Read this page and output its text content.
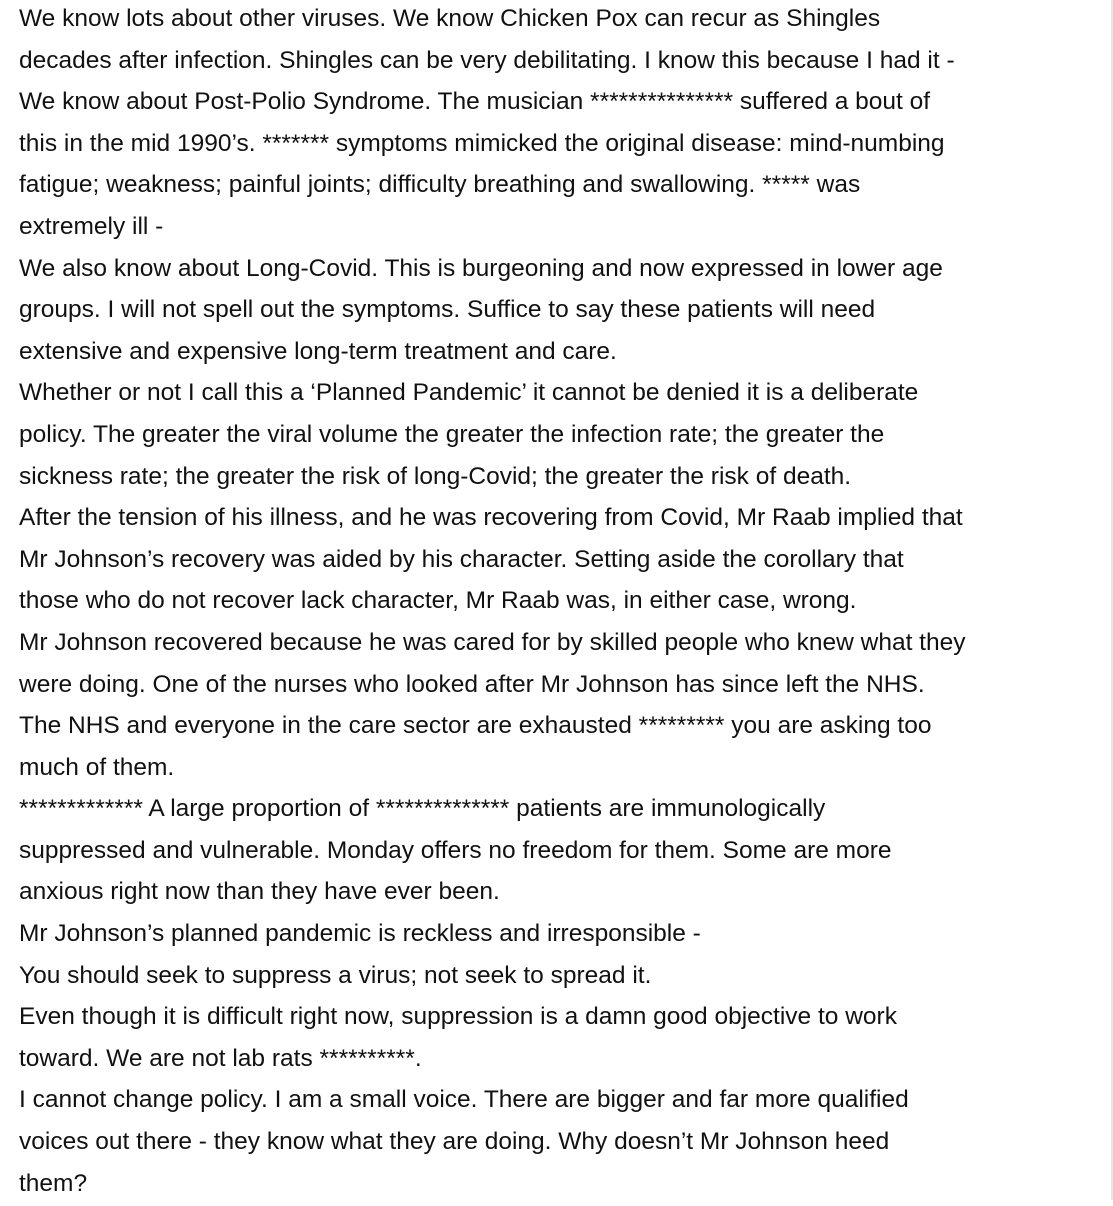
We know lots about other viruses. We know Chicken Pox can recur as Shingles
decades after infection. Shingles can be very debilitating. I know this because I had it -
We know about Post-Polio Syndrome. The musician *************** suffered a bout of
this in the mid 1990’s. ******* symptoms mimicked the original disease: mind-numbing
fatigue; weakness; painful joints; difficulty breathing and swallowing. ***** was
extremely ill -
We also know about Long-Covid. This is burgeoning and now expressed in lower age
groups. I will not spell out the symptoms. Suffice to say these patients will need
extensive and expensive long-term treatment and care.
Whether or not I call this a ‘Planned Pandemic’ it cannot be denied it is a deliberate
policy. The greater the viral volume the greater the infection rate; the greater the
sickness rate; the greater the risk of long-Covid; the greater the risk of death.
After the tension of his illness, and he was recovering from Covid, Mr Raab implied that
Mr Johnson’s recovery was aided by his character. Setting aside the corollary that
those who do not recover lack character, Mr Raab was, in either case, wrong.
Mr Johnson recovered because he was cared for by skilled people who knew what they
were doing. One of the nurses who looked after Mr Johnson has since left the NHS.
The NHS and everyone in the care sector are exhausted ********* you are asking too
much of them.
************* A large proportion of ************** patients are immunologically
suppressed and vulnerable. Monday offers no freedom for them. Some are more
anxious right now than they have ever been.
Mr Johnson’s planned pandemic is reckless and irresponsible -
You should seek to suppress a virus; not seek to spread it.
Even though it is difficult right now, suppression is a damn good objective to work
toward. We are not lab rats **********.
I cannot change policy. I am a small voice. There are bigger and far more qualified
voices out there - they know what they are doing. Why doesn’t Mr Johnson heed
them?
